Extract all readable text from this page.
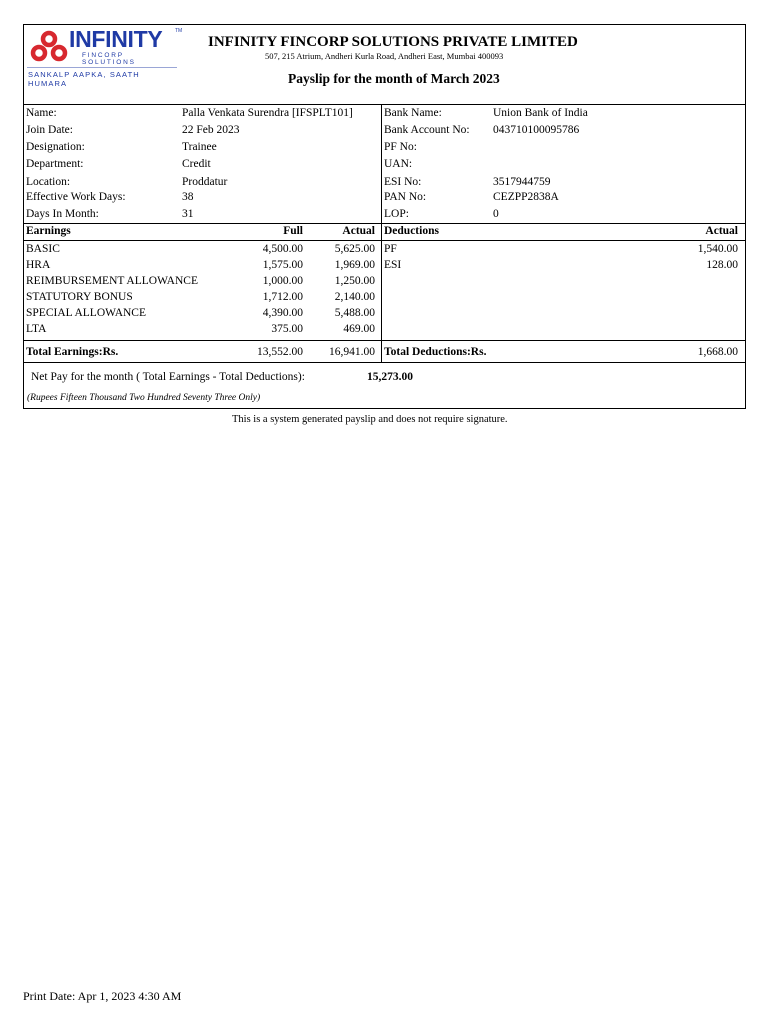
INFINITY	TM
FINCORP SOLUTIONS
SANKALP AAPKA, SAATH HUMARA
INFINITY FINCORP SOLUTIONS PRIVATE LIMITED
507, 215 Atrium, Andheri Kurla Road, Andheri East, Mumbai 400093
Payslip for the month of March 2023
Name:	Palla Venkata Surendra [IFSPLT101]
Join Date:	22 Feb 2023
Designation:	Trainee
Department:	Credit
Location:	Proddatur
Effective Work Days:	38
Days In Month:	31
Bank Name:	Union Bank of India
Bank Account No: 043710100095786
PF No:
UAN:
ESI No:	3517944759
PAN No:	CEZPP2838A
LOP:	0
Earnings	Full	Actual Deductions	Actual
BASIC	4,500.00	5,625.00
HRA	1,575.00	1,969.00
REIMBURSEMENT ALLOWANCE	1,000.00	1,250.00
STATUTORY BONUS	1,712.00	2,140.00
SPECIAL ALLOWANCE	4,390.00	5,488.00
LTA	375.00	469.00
PF	1,540.00
ESI	128.00
Total Earnings:Rs.	13,552.00	16,941.00 Total Deductions:Rs.	1,668.00
Net Pay for the month ( Total Earnings - Total Deductions):	15,273.00
(Rupees Fifteen Thousand Two Hundred Seventy Three Only)
This is a system generated payslip and does not require signature.
Print Date: Apr 1, 2023 4:30 AM
